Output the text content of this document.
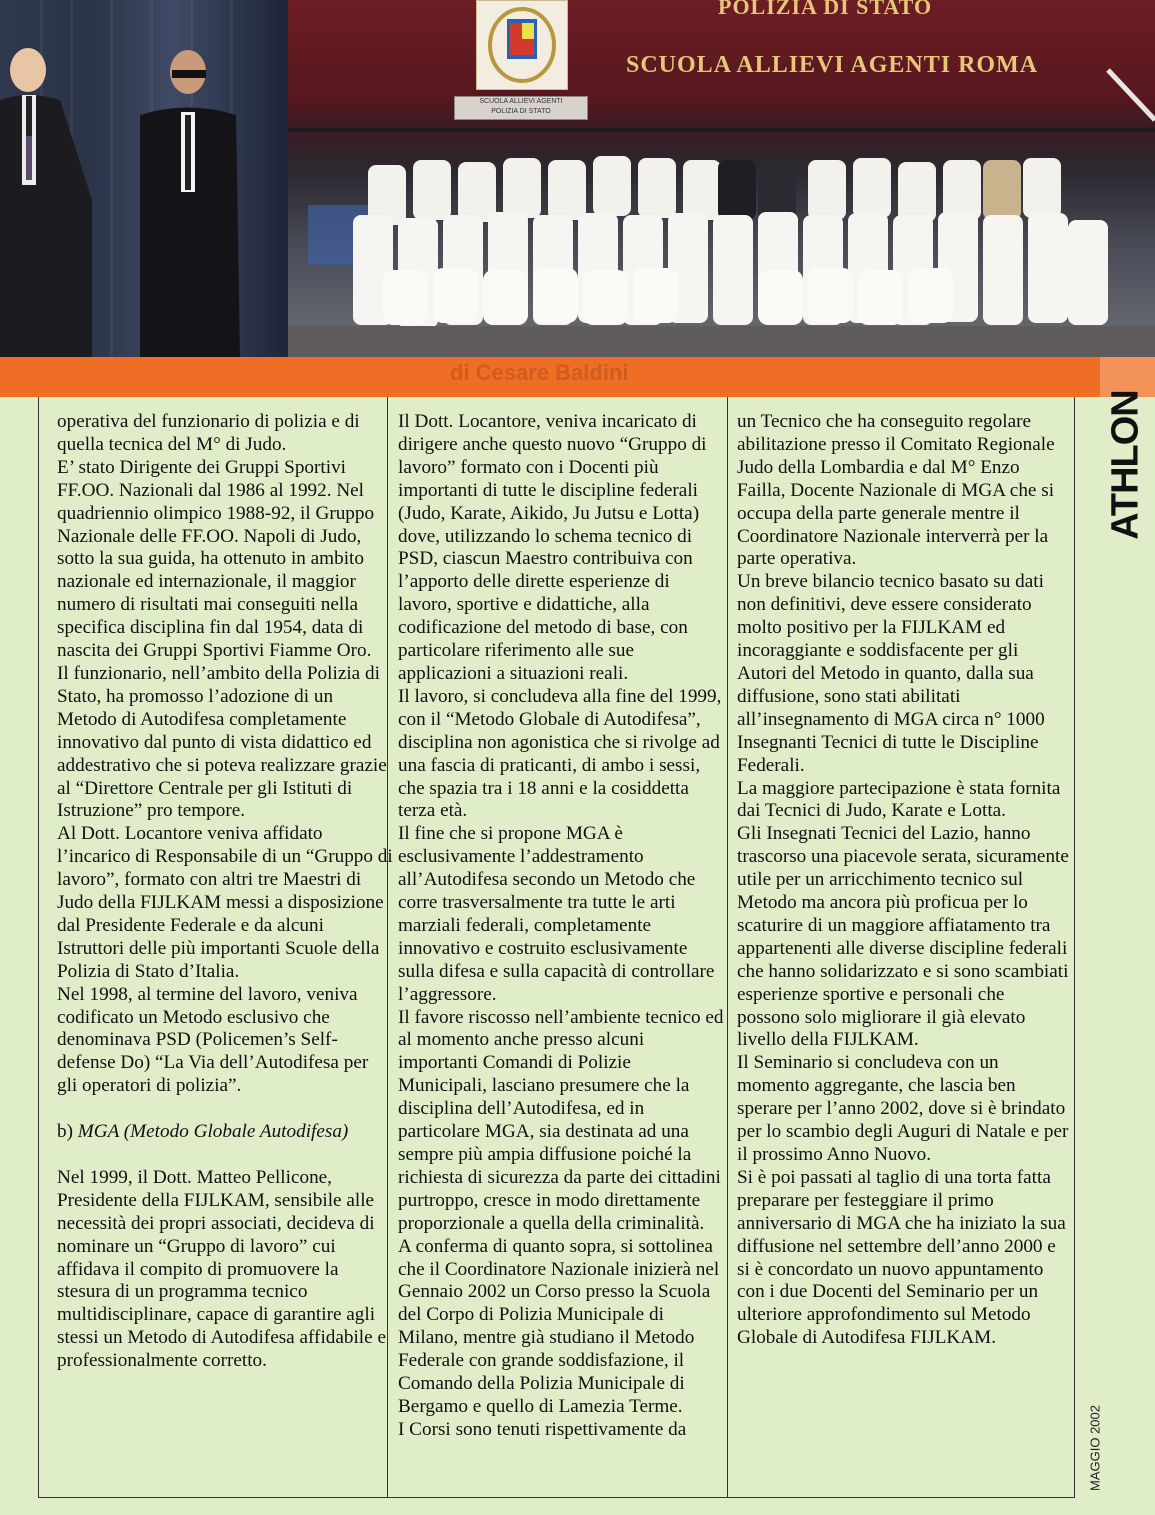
SCUOLA ALLIEVI AGENTI
POLIZIA DI STATO
POLIZIA DI STATO
SCUOLA ALLIEVI AGENTI ROMA
di Cesare Baldini
ATHLON

operativa del funzionario di polizia e di quella tecnica del M° di Judo.

E’ stato Dirigente dei Gruppi Sportivi FF.OO. Nazionali dal 1986 al 1992. Nel quadriennio olimpico 1988-92, il Gruppo Nazionale delle FF.OO. Napoli di Judo, sotto la sua guida, ha ottenuto in ambito nazionale ed internazionale, il maggior numero di risultati mai conseguiti nella specifica disciplina fin dal 1954, data di nascita dei Gruppi Sportivi Fiamme Oro.

Il funzionario, nell’ambito della Polizia di Stato, ha promosso l’adozione di un Metodo di Autodifesa completamente innovativo dal punto di vista didattico ed addestrativo che si poteva realizzare grazie al “Direttore Centrale per gli Istituti di Istruzione” pro tempore.

Al Dott. Locantore veniva affidato l’incarico di Responsabile di un “Gruppo di lavoro”, formato con altri tre Maestri di Judo della FIJLKAM messi a disposizione dal Presidente Federale e da alcuni Istruttori delle più importanti Scuole della Polizia di Stato d’Italia.

Nel 1998, al termine del lavoro, veniva codificato un Metodo esclusivo che denominava PSD (Policemen’s Self-defense Do) “La Via dell’Autodifesa per gli operatori di polizia”.

b) MGA (Metodo Globale Autodifesa)

Nel 1999, il Dott. Matteo Pellicone, Presidente della FIJLKAM, sensibile alle necessità dei propri associati, decideva di nominare un “Gruppo di lavoro” cui affidava il compito di promuovere la stesura di un programma tecnico multidisciplinare, capace di garantire agli stessi un Metodo di Autodifesa affidabile e professionalmente corretto.

Il Dott. Locantore, veniva incaricato di dirigere anche questo nuovo “Gruppo di lavoro” formato con i Docenti più importanti di tutte le discipline federali (Judo, Karate, Aikido, Ju Jutsu e Lotta) dove, utilizzando lo schema tecnico di PSD, ciascun Maestro contribuiva con l’apporto delle dirette esperienze di lavoro, sportive e didattiche, alla codificazione del metodo di base, con particolare riferimento alle sue applicazioni a situazioni reali.

Il lavoro, si concludeva alla fine del 1999, con il “Metodo Globale di Autodifesa”, disciplina non agonistica che si rivolge ad una fascia di praticanti, di ambo i sessi, che spazia tra i 18 anni e la cosiddetta terza età.

Il fine che si propone MGA è esclusivamente l’addestramento all’Autodifesa secondo un Metodo che corre trasversalmente tra tutte le arti marziali federali, completamente innovativo e costruito esclusivamente sulla difesa e sulla capacità di controllare l’aggressore.

Il favore riscosso nell’ambiente tecnico ed al momento anche presso alcuni importanti Comandi di Polizie Municipali, lasciano presumere che la disciplina dell’Autodifesa, ed in particolare MGA, sia destinata ad una sempre più ampia diffusione poiché la richiesta di sicurezza da parte dei cittadini purtroppo, cresce in modo direttamente proporzionale a quella della criminalità.

A conferma di quanto sopra, si sottolinea che il Coordinatore Nazionale inizierà nel Gennaio 2002 un Corso presso la Scuola del Corpo di Polizia Municipale di Milano, mentre già studiano il Metodo Federale con grande soddisfazione, il Comando della Polizia Municipale di Bergamo e quello di Lamezia Terme.

I Corsi sono tenuti rispettivamente da

un Tecnico che ha conseguito regolare abilitazione presso il Comitato Regionale Judo della Lombardia e dal M° Enzo Failla, Docente Nazionale di MGA che si occupa della parte generale mentre il Coordinatore Nazionale interverrà per la parte operativa.

Un breve bilancio tecnico basato su dati non definitivi, deve essere considerato molto positivo per la FIJLKAM ed incoraggiante e soddisfacente per gli Autori del Metodo in quanto, dalla sua diffusione, sono stati abilitati all’insegnamento di MGA circa n° 1000 Insegnanti Tecnici di tutte le Discipline Federali.

La maggiore partecipazione è stata fornita dai Tecnici di Judo, Karate e Lotta.

Gli Insegnati Tecnici del Lazio, hanno trascorso una piacevole serata, sicuramente utile per un arricchimento tecnico sul Metodo ma ancora più proficua per lo scaturire di un maggiore affiatamento tra appartenenti alle diverse discipline federali che hanno solidarizzato e si sono scambiati esperienze sportive e personali che possono solo migliorare il già elevato livello della FIJLKAM.

Il Seminario si concludeva con un momento aggregante, che lascia ben sperare per l’anno 2002, dove si è brindato per lo scambio degli Auguri di Natale e per il prossimo Anno Nuovo.

Si è poi passati al taglio di una torta fatta preparare per festeggiare il primo anniversario di MGA che ha iniziato la sua diffusione nel settembre dell’anno 2000 e si è concordato un nuovo appuntamento con i due Docenti del Seminario per un ulteriore approfondimento sul Metodo Globale di Autodifesa FIJLKAM.

MAGGIO 2002
